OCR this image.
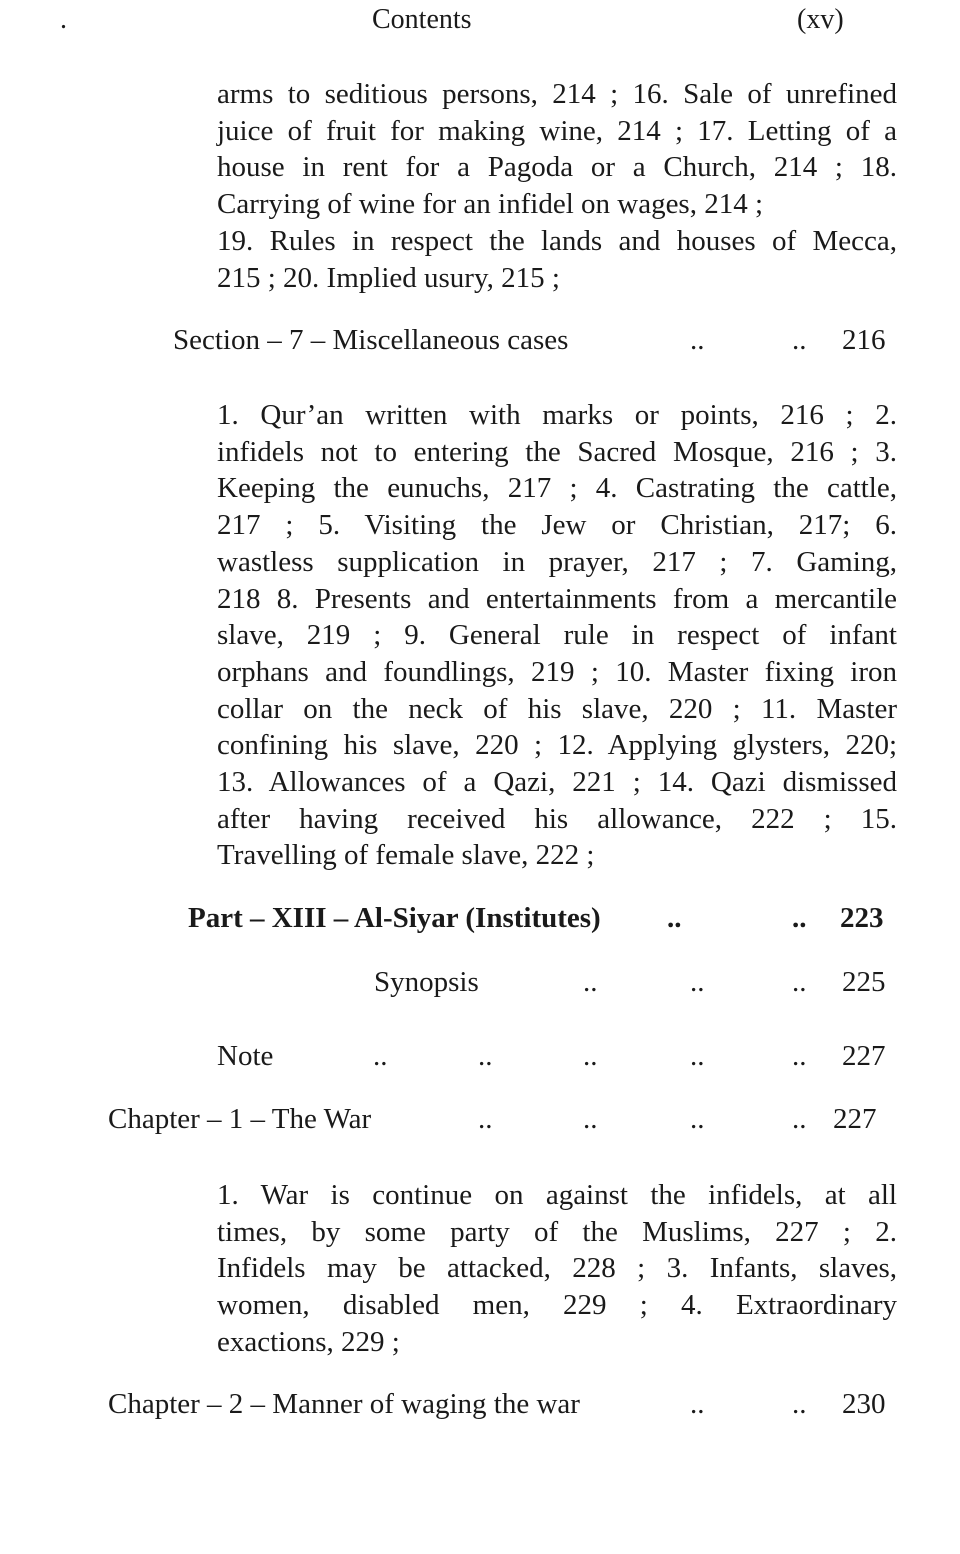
.	Contents	(xv)
arms to seditious persons, 214 ; 16. Sale of unrefined
juice of fruit for making wine, 214 ; 17. Letting of a
house in rent for a Pagoda or a Church, 214 ; 18.
Carrying of wine for an infidel on wages, 214 ;
19. Rules in respect the lands and houses of Mecca,
215 ; 20. Implied usury, 215 ;
Section – 7 – Miscellaneous cases	..	.. 216
1. Qur’an written with marks or points, 216 ; 2.
infidels not to entering the Sacred Mosque, 216 ; 3.
Keeping the eunuchs, 217 ; 4. Castrating the cattle,
217 ; 5. Visiting the Jew or Christian, 217; 6.
wastless supplication in prayer, 217 ; 7. Gaming,
218 8. Presents and entertainments from a mercantile
slave, 219 ; 9. General rule in respect of infant
orphans and foundlings, 219 ; 10. Master fixing iron
collar on the neck of his slave, 220 ; 11. Master
confining his slave, 220 ; 12. Applying glysters, 220;
13. Allowances of a Qazi, 221 ; 14. Qazi dismissed
after having received his allowance, 222 ; 15.
Travelling of female slave, 222 ;
Part – XIII – Al-Siyar (Institutes) ..	.. 223
Synopsis	..	..	.. 225
Note	..	..	..	..	.. 227
Chapter – 1 – The War	..	..	..	.. 227
1. War is continue on against the infidels, at all
times, by some party of the Muslims, 227 ; 2.
Infidels may be attacked, 228 ; 3. Infants, slaves,
women, disabled men, 229 ; 4. Extraordinary
exactions, 229 ;
Chapter – 2 – Manner of waging the war	..	.. 230
